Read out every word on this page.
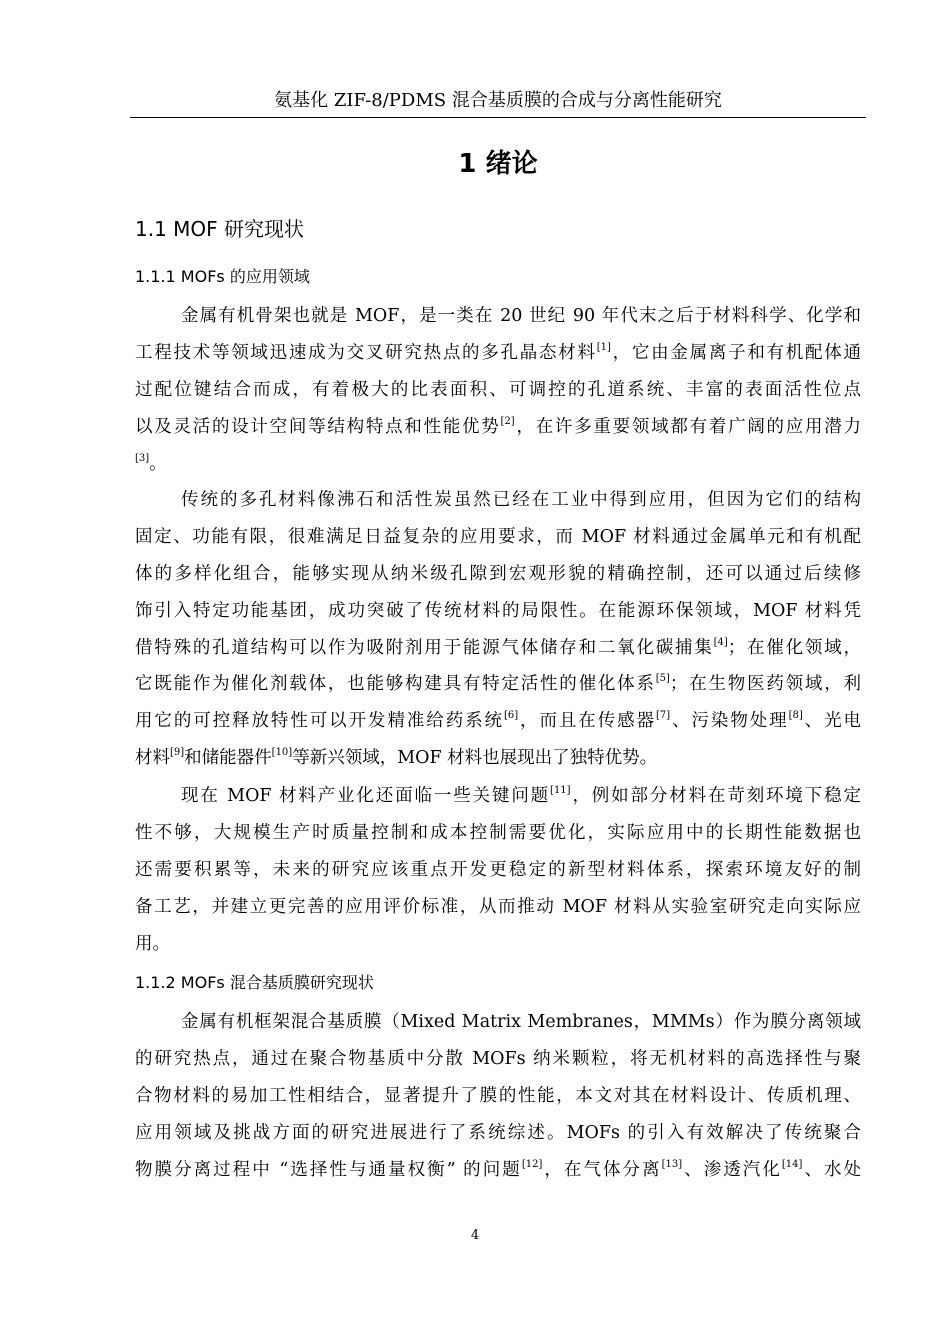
氨基化 ZIF-8/PDMS 混合基质膜的合成与分离性能研究
1 绪论
1.1 MOF 研究现状
1.1.1 MOFs 的应用领域
金属有机骨架也就是 MOF，是一类在 20 世纪 90 年代末之后于材料科学、化学和
工程技术等领域迅速成为交叉研究热点的多孔晶态材料[1]，它由金属离子和有机配体通
过配位键结合而成，有着极大的比表面积、可调控的孔道系统、丰富的表面活性位点
以及灵活的设计空间等结构特点和性能优势[2]，在许多重要领域都有着广阔的应用潜力
[3]。
传统的多孔材料像沸石和活性炭虽然已经在工业中得到应用，但因为它们的结构
固定、功能有限，很难满足日益复杂的应用要求，而 MOF 材料通过金属单元和有机配
体的多样化组合，能够实现从纳米级孔隙到宏观形貌的精确控制，还可以通过后续修
饰引入特定功能基团，成功突破了传统材料的局限性。在能源环保领域，MOF 材料凭
借特殊的孔道结构可以作为吸附剂用于能源气体储存和二氧化碳捕集[4]；在催化领域，
它既能作为催化剂载体，也能够构建具有特定活性的催化体系[5]；在生物医药领域，利
用它的可控释放特性可以开发精准给药系统[6]，而且在传感器[7]、污染物处理[8]、光电
材料[9]和储能器件[10]等新兴领域，MOF 材料也展现出了独特优势。
现在 MOF 材料产业化还面临一些关键问题[11]，例如部分材料在苛刻环境下稳定
性不够，大规模生产时质量控制和成本控制需要优化，实际应用中的长期性能数据也
还需要积累等，未来的研究应该重点开发更稳定的新型材料体系，探索环境友好的制
备工艺，并建立更完善的应用评价标准，从而推动 MOF 材料从实验室研究走向实际应
用。
1.1.2 MOFs 混合基质膜研究现状
金属有机框架混合基质膜（Mixed Matrix Membranes，MMMs）作为膜分离领域
的研究热点，通过在聚合物基质中分散 MOFs 纳米颗粒，将无机材料的高选择性与聚
合物材料的易加工性相结合，显著提升了膜的性能，本文对其在材料设计、传质机理、
应用领域及挑战方面的研究进展进行了系统综述。MOFs 的引入有效解决了传统聚合
物膜分离过程中 “选择性与通量权衡” 的问题[12]，在气体分离[13]、渗透汽化[14]、水处
4
